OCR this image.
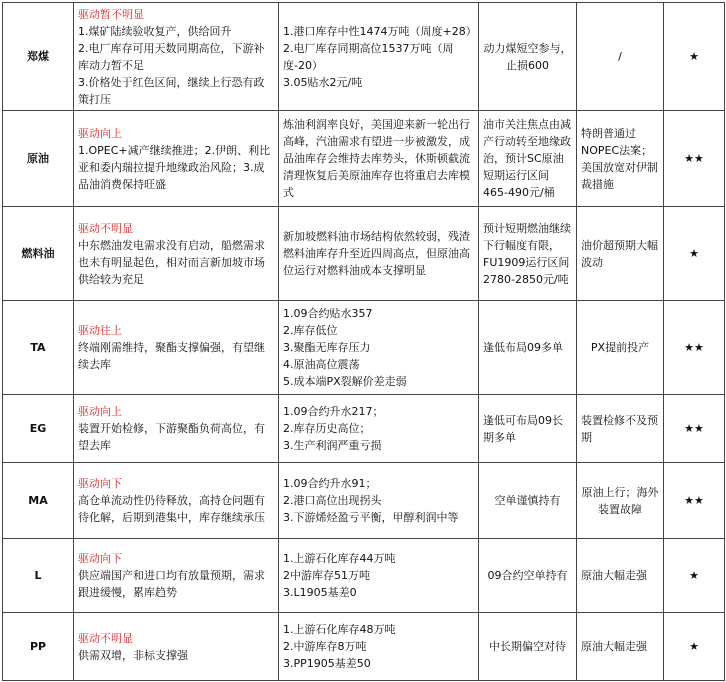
郑煤	驱动暂不明显
1.煤矿陆续验收复产，供给回升
2.电厂库存可用天数同期高位，下游补库动力暂不足
3.价格处于红色区间，继续上行恐有政策打压	1.港口库存中性1474万吨（周度+28）
2.电厂库存同期高位1537万吨（周度-20）
3.05贴水2元/吨	动力煤短空参与，止损600	/	★
原油	驱动向上
1.OPEC+减产继续推进；2.伊朗、利比亚和委内瑞拉提升地缘政治风险；3.成品油消费保持旺盛	炼油利润率良好，美国迎来新一轮出行高峰，汽油需求有望进一步被激发，成品油库存会维持去库势头，休斯顿截流清理恢复后美原油库存也将重启去库模式	油市关注焦点由减产行动转至地缘政治，预计SC原油短期运行区间465-490元/桶	特朗普通过NOPEC法案；美国放宽对伊制裁措施	★★
燃料油	驱动不明显
中东燃油发电需求没有启动，船燃需求也未有明显起色，相对而言新加坡市场供给较为充足	新加坡燃料油市场结构依然较弱，残渣燃料油库存升至近四周高点，但原油高位运行对燃料油成本支撑明显	预计短期燃油继续下行幅度有限，FU1909运行区间2780-2850元/吨	油价超预期大幅波动	★
TA	驱动往上
终端刚需维持，聚酯支撑偏强，有望继续去库	1.09合约贴水357
2.库存低位
3.聚酯无库存压力
4.原油高位震荡
5.成本端PX裂解价差走弱	逢低布局09多单	PX提前投产	★★
EG	驱动向上
装置开始检修，下游聚酯负荷高位，有望去库	1.09合约升水217；
2.库存历史高位；
3.生产利润严重亏损	逢低可布局09长期多单	装置检修不及预期	★★
MA	驱动向下
高仓单流动性仍待释放，高持仓问题有待化解，后期到港集中，库存继续承压	1.09合约升水91；
2.港口高位出现拐头
3.下游烯烃盈亏平衡，甲醇利润中等	空单谨慎持有	原油上行；海外装置故障	★★
L	驱动向下
供应端国产和进口均有放量预期，需求跟进缓慢，累库趋势	1.上游石化库存44万吨
2中游库存51万吨
3.L1905基差0	09合约空单持有	原油大幅走强	★
PP	驱动不明显
供需双增，非标支撑强	1.上游石化库存48万吨
2.中游库存8万吨
3.PP1905基差50	中长期偏空对待	原油大幅走强	★
